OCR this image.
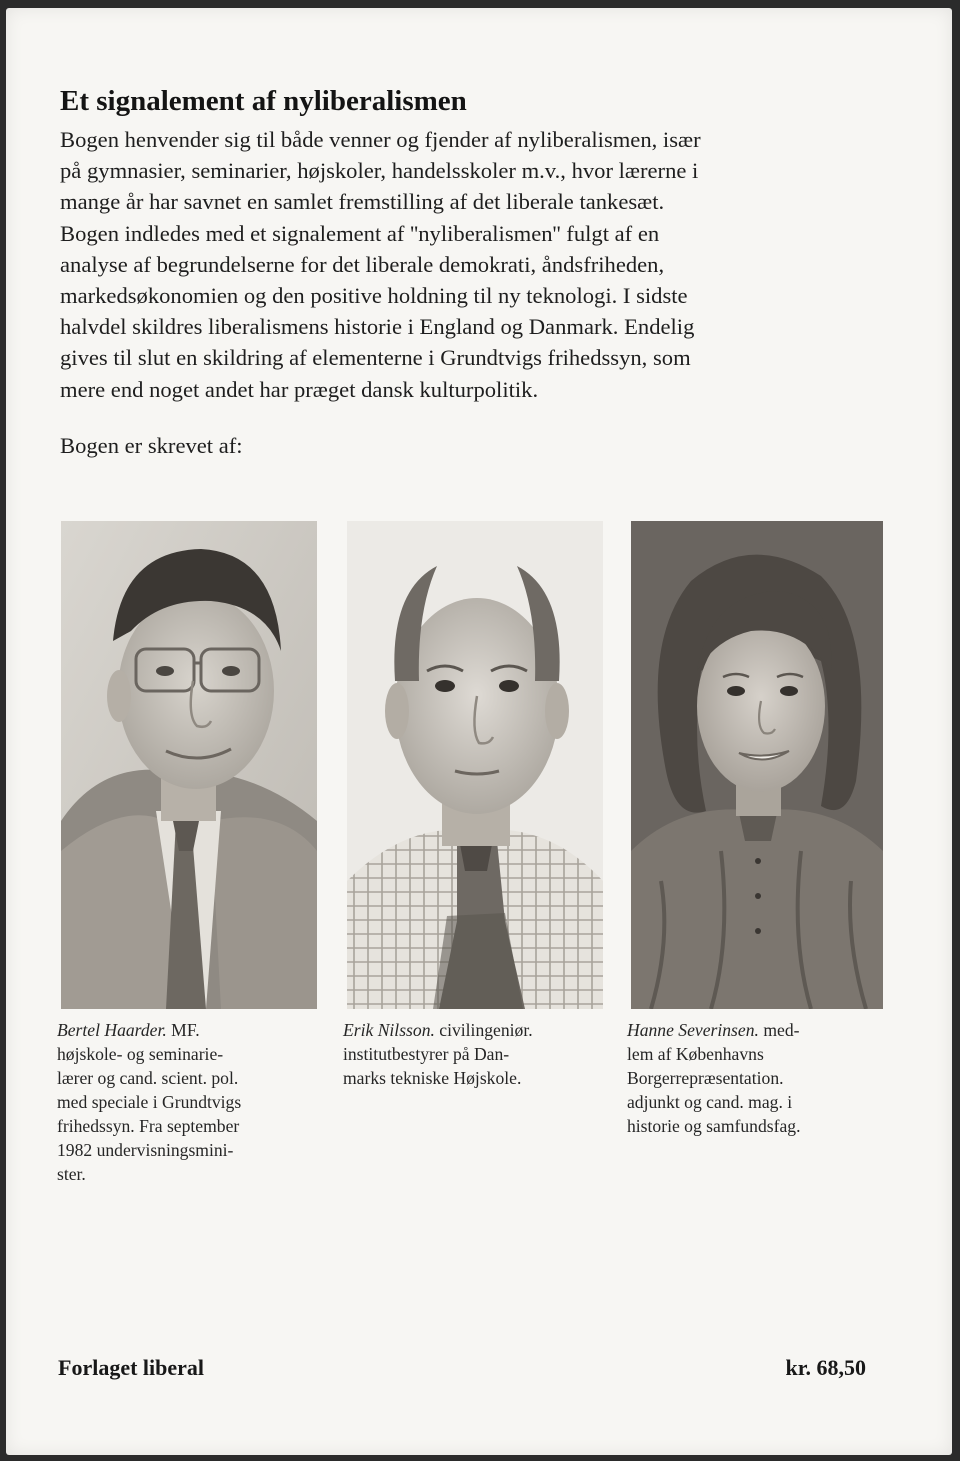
Et signalement af nyliberalismen

Bogen henvender sig til både venner og fjender af nyliberalismen, især
på gymnasier, seminarier, højskoler, handelsskoler m.v., hvor lærerne i
mange år har savnet en samlet fremstilling af det liberale tankesæt.
Bogen indledes med et signalement af ''nyliberalismen'' fulgt af en
analyse af begrundelserne for det liberale demokrati, åndsfriheden,
markedsøkonomien og den positive holdning til ny teknologi. I sidste
halvdel skildres liberalismens historie i England og Danmark. Endelig
gives til slut en skildring af elementerne i Grundtvigs frihedssyn, som
mere end noget andet har præget dansk kulturpolitik.

Bogen er skrevet af:

Bertel Haarder. MF.
højskole- og seminarie-
lærer og cand. scient. pol.
med speciale i Grundtvigs
frihedssyn. Fra september
1982 undervisningsmini-
ster.

Erik Nilsson. civilingeniør.
institutbestyrer på Dan-
marks tekniske Højskole.

Hanne Severinsen. med-
lem af Københavns
Borgerrepræsentation.
adjunkt og cand. mag. i
historie og samfundsfag.

Forlaget liberal	kr. 68,50
